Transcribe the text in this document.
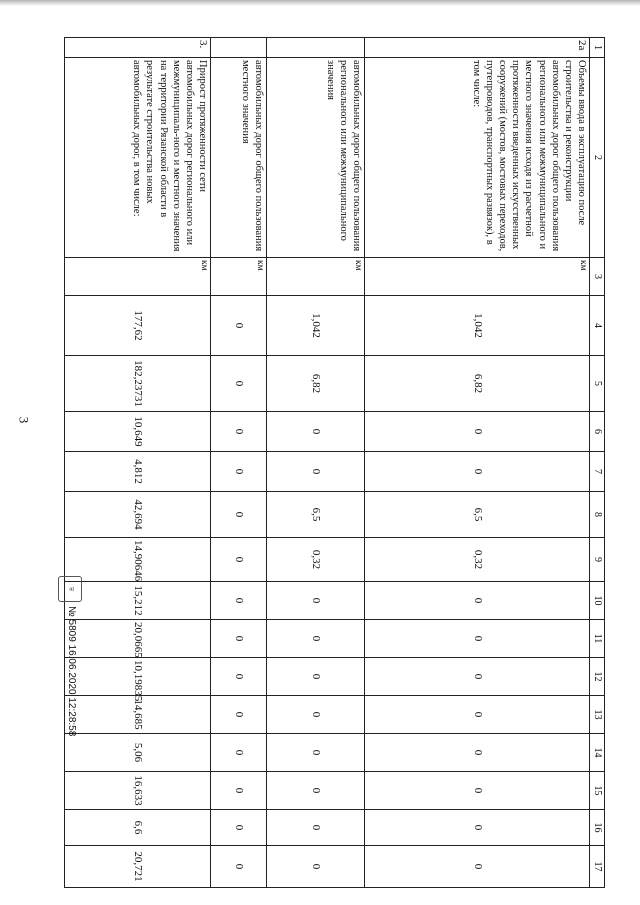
3
1	2	3	4	5	6	7	8	9	10	11	12	13	14	15	16	17
2а	Объемы ввода в эксплуатацию после строительства и реконструкции автомобильных дорог общего пользования регионального или межмуниципального и местного значения исходя из расчетной протяженности введенных искусственных сооружений (мостов, мостовых переходов, путепроводов, транспортных развязок), в том числе:	км	1,042	6,82	0	0	6,5	0,32	0	0	0	0	0	0	0	0
	автомобильных дорог общего пользования регионального или межмуниципального значения	км	1,042	6,82	0	0	6,5	0,32	0	0	0	0	0	0	0	0
	автомобильных дорог общего пользования местного значения	км	0	0	0	0	0	0	0	0	0	0	0	0	0	0
3.	Прирост протяженности сети автомобильных дорог регионального или межмуниципаль-ного и местного значения на территории Рязанской области в результате строительства новых автомобильных дорог, в том числе:	км	177,62	182,23731	10,649	4,812	42,694	14,90646	15,212	20,0665	10,19835	14,685	5,06	16,633	6,6	20,721
⛨
№ 5809 16.06.2020 12:28:58
